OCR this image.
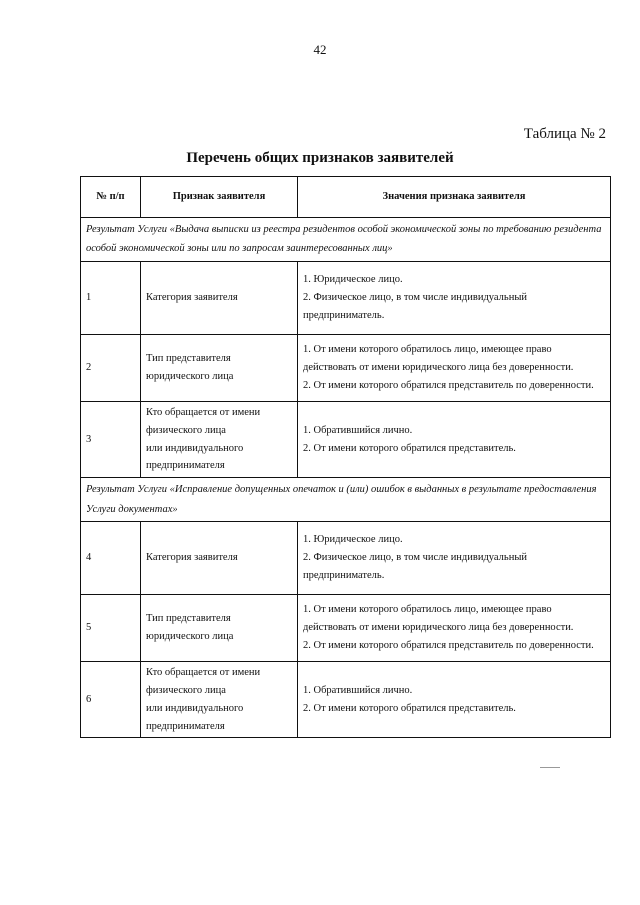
42
Таблица № 2
Перечень общих признаков заявителей
№ п/п	Признак заявителя	Значения признака заявителя
Результат Услуги «Выдача выписки из реестра резидентов особой экономической зоны по требованию резидента особой экономической зоны или по запросам заинтересованных лиц»		
1	Категория заявителя	1. Юридическое лицо.
2. Физическое лицо, в том числе индивидуальный предприниматель.

2	Тип представителя
юридического лица	1. От имени которого обратилось лицо, имеющее право действовать от имени юридического лица без доверенности.
2. От имени которого обратился представитель по доверенности.

3	Кто обращается от имени
физического лица
или индивидуального
предпринимателя	1. Обратившийся лично.
2. От имени которого обратился представитель.

Результат Услуги «Исправление допущенных опечаток и (или) ошибок в выданных в результате предоставления Услуги документах»		
4	Категория заявителя	1. Юридическое лицо.
2. Физическое лицо, в том числе индивидуальный предприниматель.

5	Тип представителя
юридического лица	1. От имени которого обратилось лицо, имеющее право действовать от имени юридического лица без доверенности.
2. От имени которого обратился представитель по доверенности.

6	Кто обращается от имени
физического лица
или индивидуального
предпринимателя	1. Обратившийся лично.
2. От имени которого обратился представитель.
